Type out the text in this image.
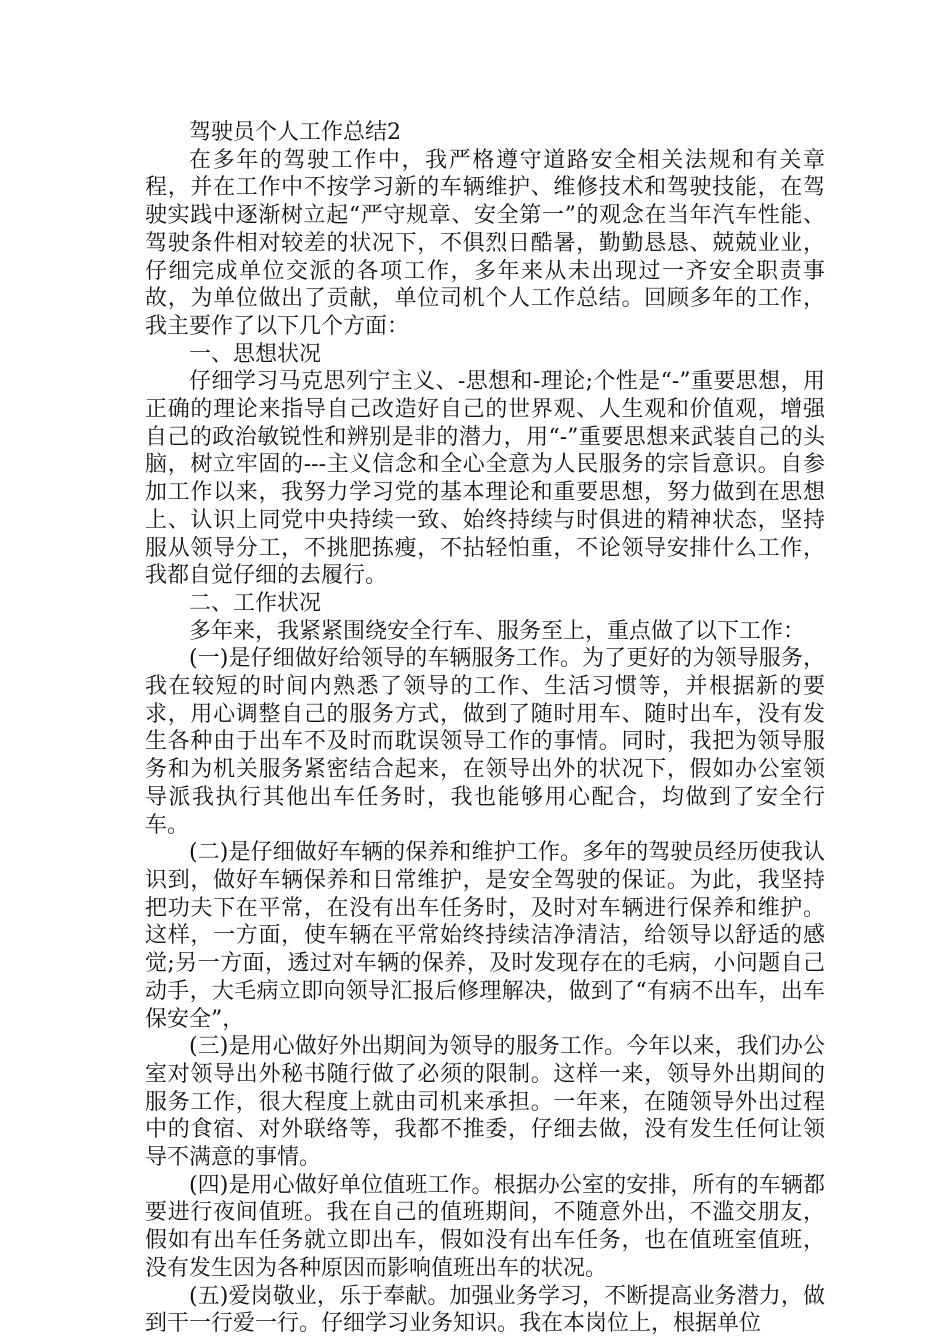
驾驶员个人工作总结2

在多年的驾驶工作中，我严格遵守道路安全相关法规和有关章程，并在工作中不按学习新的车辆维护、维修技术和驾驶技能，在驾驶实践中逐渐树立起“严守规章、安全第一”的观念在当年汽车性能、驾驶条件相对较差的状况下，不俱烈日酷暑，勤勤恳恳、兢兢业业，仔细完成单位交派的各项工作，多年来从未出现过一齐安全职责事故，为单位做出了贡献，单位司机个人工作总结。回顾多年的工作，我主要作了以下几个方面：

一、思想状况

仔细学习马克思列宁主义、-思想和-理论;个性是“-”重要思想，用正确的理论来指导自己改造好自己的世界观、人生观和价值观，增强自己的政治敏锐性和辨别是非的潜力，用“-”重要思想来武装自己的头脑，树立牢固的---主义信念和全心全意为人民服务的宗旨意识。自参加工作以来，我努力学习党的基本理论和重要思想，努力做到在思想上、认识上同党中央持续一致、始终持续与时俱进的精神状态，坚持服从领导分工，不挑肥拣瘦，不拈轻怕重，不论领导安排什么工作，我都自觉仔细的去履行。

二、工作状况

多年来，我紧紧围绕安全行车、服务至上，重点做了以下工作：

(一)是仔细做好给领导的车辆服务工作。为了更好的为领导服务，我在较短的时间内熟悉了领导的工作、生活习惯等，并根据新的要求，用心调整自己的服务方式，做到了随时用车、随时出车，没有发生各种由于出车不及时而耽误领导工作的事情。同时，我把为领导服务和为机关服务紧密结合起来，在领导出外的状况下，假如办公室领导派我执行其他出车任务时，我也能够用心配合，均做到了安全行车。

(二)是仔细做好车辆的保养和维护工作。多年的驾驶员经历使我认识到，做好车辆保养和日常维护，是安全驾驶的保证。为此，我坚持把功夫下在平常，在没有出车任务时，及时对车辆进行保养和维护。这样，一方面，使车辆在平常始终持续洁净清洁，给领导以舒适的感觉;另一方面，透过对车辆的保养，及时发现存在的毛病，小问题自己动手，大毛病立即向领导汇报后修理解决，做到了“有病不出车，出车保安全”，

(三)是用心做好外出期间为领导的服务工作。今年以来，我们办公室对领导出外秘书随行做了必须的限制。这样一来，领导外出期间的服务工作，很大程度上就由司机来承担。一年来，在随领导外出过程中的食宿、对外联络等，我都不推委，仔细去做，没有发生任何让领导不满意的事情。

(四)是用心做好单位值班工作。根据办公室的安排，所有的车辆都要进行夜间值班。我在自己的值班期间，不随意外出，不滥交朋友，假如有出车任务就立即出车，假如没有出车任务，也在值班室值班，没有发生因为各种原因而影响值班出车的状况。

(五)爱岗敬业，乐于奉献。加强业务学习，不断提高业务潜力，做到干一行爱一行。仔细学习业务知识。我在本岗位上，根据单位
